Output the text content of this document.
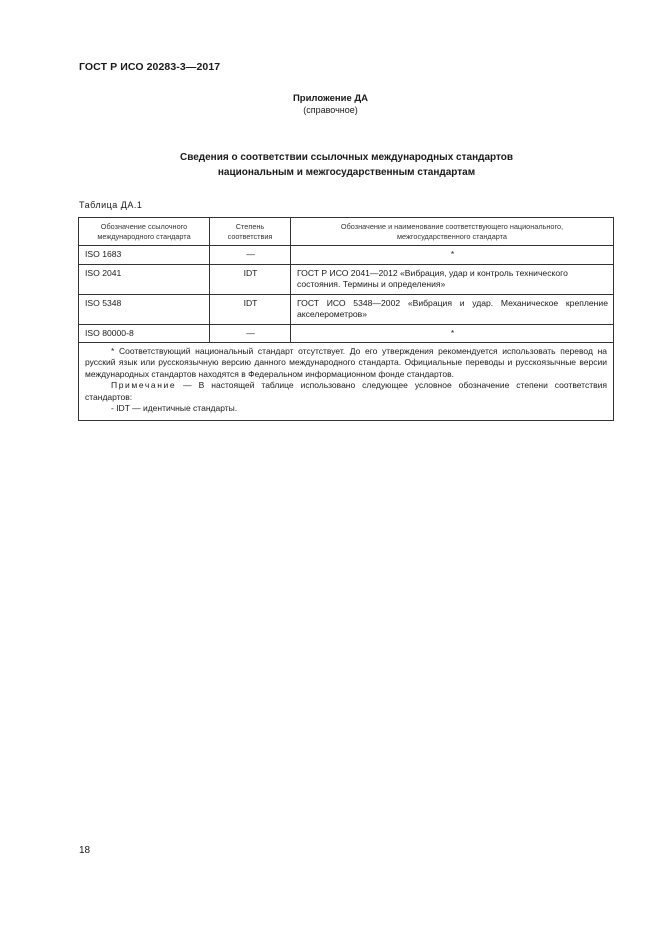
ГОСТ Р ИСО 20283-3—2017
Приложение ДА
(справочное)
Сведения о соответствии ссылочных международных стандартов
национальным и межгосударственным стандартам
Таблица ДА.1
Обозначение ссылочного международного стандарта	Степень соответствия	Обозначение и наименование соответствующего национального, межгосударственного стандарта
ISO 1683	—	*
ISO 2041	IDT	ГОСТ Р ИСО 2041—2012 «Вибрация, удар и контроль технического состояния. Термины и определения»
ISO 5348	IDT	ГОСТ ИСО 5348—2002 «Вибрация и удар. Механическое крепление акселерометров»
ISO 80000-8	—	*

* Соответствующий национальный стандарт отсутствует. До его утверждения рекомендуется использовать перевод на русский язык или русскоязычную версию данного международного стандарта. Официальные переводы и русскоязычные версии международных стандартов находятся в Федеральном информационном фонде стандартов.

Примечание — В настоящей таблице использовано следующее условное обозначение степени соответствия стандартов:

- IDT — идентичные стандарты.		

18
